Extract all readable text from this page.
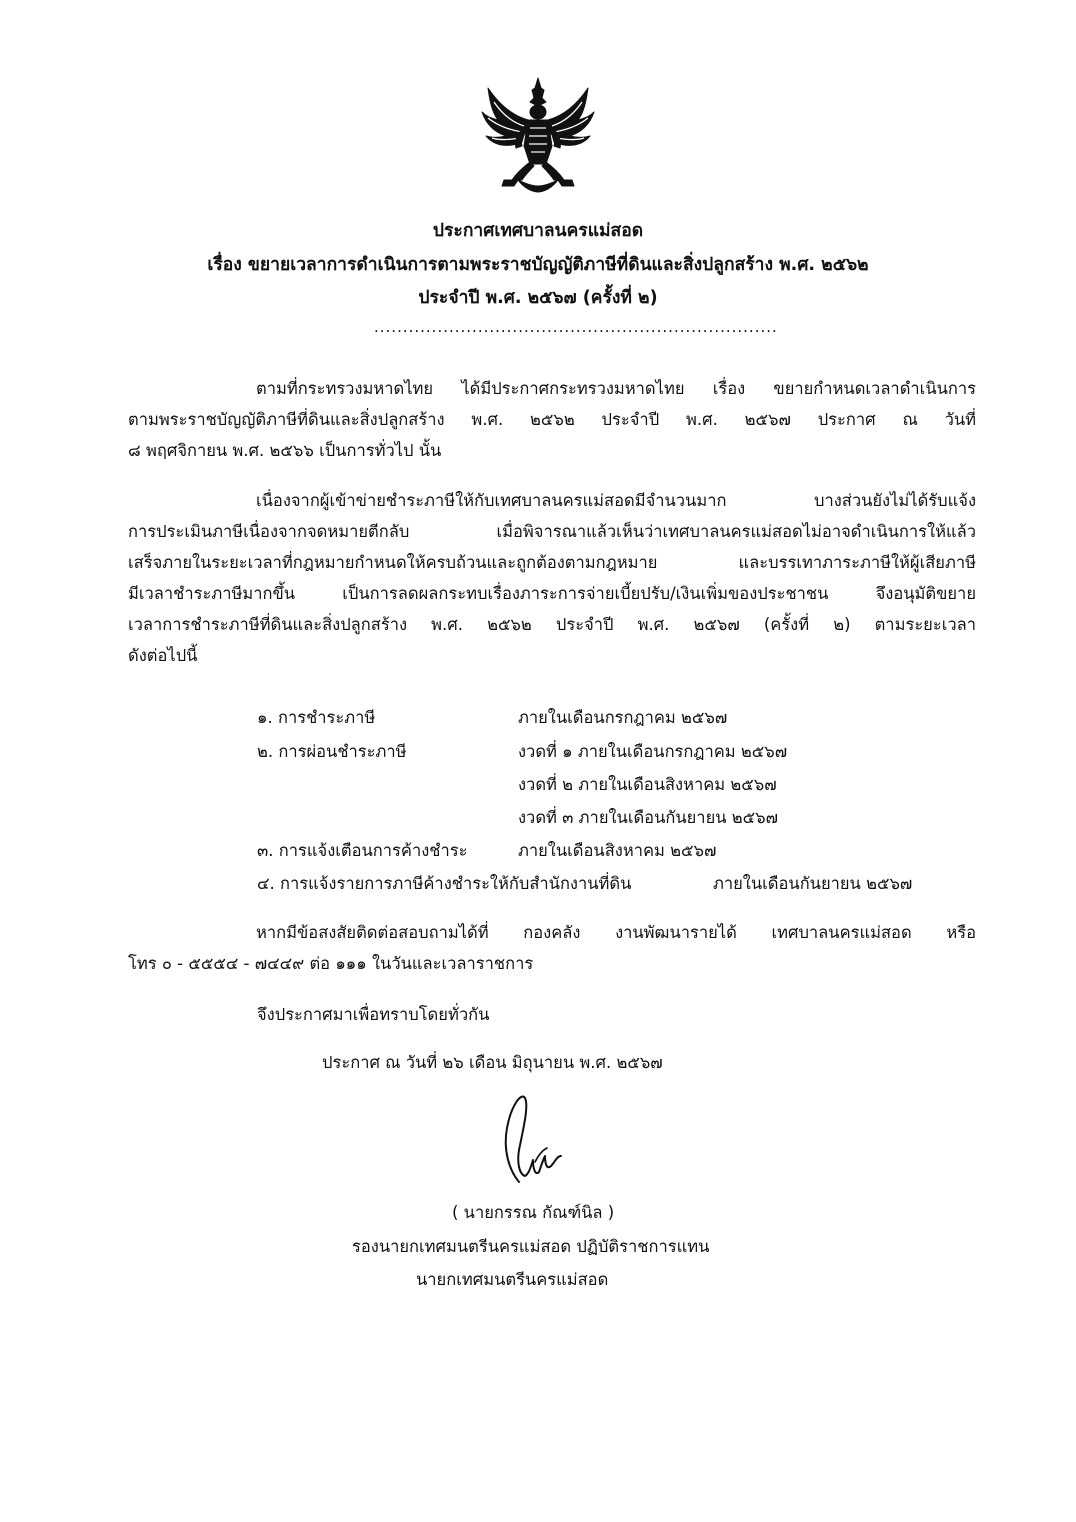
ประกาศเทศบาลนครแม่สอด
เรื่อง ขยายเวลาการดำเนินการตามพระราชบัญญัติภาษีที่ดินและสิ่งปลูกสร้าง พ.ศ. ๒๕๖๒
ประจำปี พ.ศ. ๒๕๖๗ (ครั้งที่ ๒)
......................................................................
ตามที่กระทรวงมหาดไทย ได้มีประกาศกระทรวงมหาดไทย เรื่อง ขยายกำหนดเวลาดำเนินการ
ตามพระราชบัญญัติภาษีที่ดินและสิ่งปลูกสร้าง พ.ศ. ๒๕๖๒ ประจำปี พ.ศ. ๒๕๖๗ ประกาศ ณ วันที่
๘ พฤศจิกายน พ.ศ. ๒๕๖๖ เป็นการทั่วไป นั้น
เนื่องจากผู้เข้าข่ายชำระภาษีให้กับเทศบาลนครแม่สอดมีจำนวนมาก บางส่วนยังไม่ได้รับแจ้ง
การประเมินภาษีเนื่องจากจดหมายตีกลับ เมื่อพิจารณาแล้วเห็นว่าเทศบาลนครแม่สอดไม่อาจดำเนินการให้แล้ว
เสร็จภายในระยะเวลาที่กฎหมายกำหนดให้ครบถ้วนและถูกต้องตามกฎหมาย และบรรเทาภาระภาษีให้ผู้เสียภาษี
มีเวลาชำระภาษีมากขึ้น เป็นการลดผลกระทบเรื่องภาระการจ่ายเบี้ยปรับ/เงินเพิ่มของประชาชน จึงอนุมัติขยาย
เวลาการชำระภาษีที่ดินและสิ่งปลูกสร้าง พ.ศ. ๒๕๖๒ ประจำปี พ.ศ. ๒๕๖๗ (ครั้งที่ ๒) ตามระยะเวลา
ดังต่อไปนี้
๑. การชำระภาษี	ภายในเดือนกรกฎาคม ๒๕๖๗
๒. การผ่อนชำระภาษี	งวดที่ ๑ ภายในเดือนกรกฎาคม ๒๕๖๗
งวดที่ ๒ ภายในเดือนสิงหาคม ๒๕๖๗
งวดที่ ๓ ภายในเดือนกันยายน ๒๕๖๗
๓. การแจ้งเตือนการค้างชำระ	ภายในเดือนสิงหาคม ๒๕๖๗
๔. การแจ้งรายการภาษีค้างชำระให้กับสำนักงานที่ดิน	ภายในเดือนกันยายน ๒๕๖๗
หากมีข้อสงสัยติดต่อสอบถามได้ที่ กองคลัง งานพัฒนารายได้ เทศบาลนครแม่สอด หรือ
โทร ๐ - ๕๕๕๔ - ๗๔๔๙ ต่อ ๑๑๑ ในวันและเวลาราชการ
จึงประกาศมาเพื่อทราบโดยทั่วกัน
ประกาศ ณ วันที่ ๒๖ เดือน มิถุนายน พ.ศ. ๒๕๖๗
( นายกรรณ กัณฑ์นิล )
รองนายกเทศมนตรีนครแม่สอด ปฏิบัติราชการแทน
นายกเทศมนตรีนครแม่สอด
